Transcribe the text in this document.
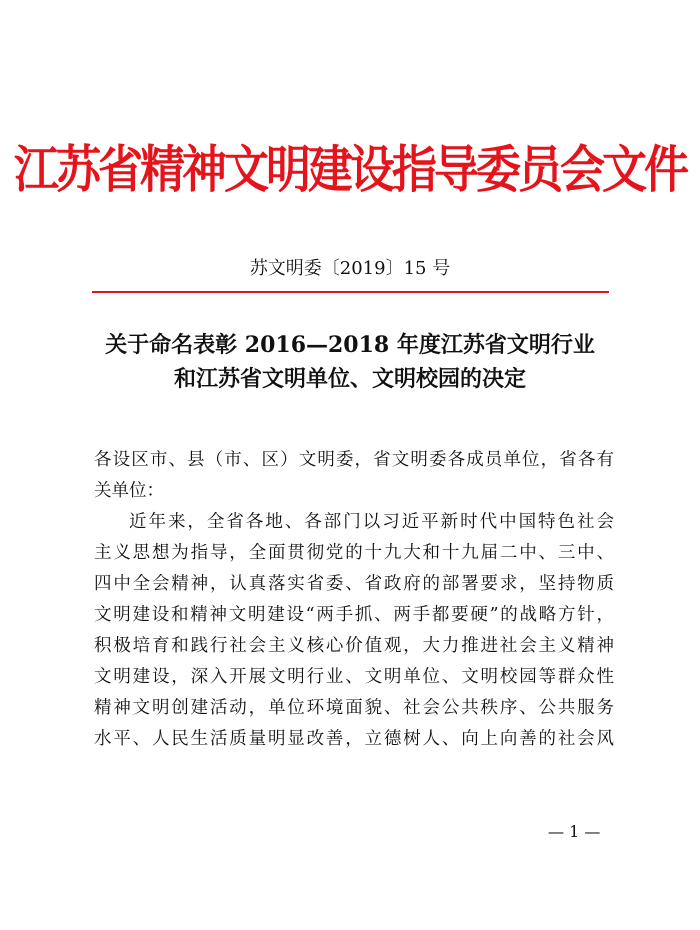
江苏省精神文明建设指导委员会文件
苏文明委〔2019〕15 号
关于命名表彰 2016—2018 年度江苏省文明行业
和江苏省文明单位、文明校园的决定

各设区市、县（市、区）文明委，省文明委各成员单位，省各有

关单位：

近年来，全省各地、各部门以习近平新时代中国特色社会

主义思想为指导，全面贯彻党的十九大和十九届二中、三中、

四中全会精神，认真落实省委、省政府的部署要求，坚持物质

文明建设和精神文明建设“两手抓、两手都要硬”的战略方针，

积极培育和践行社会主义核心价值观，大力推进社会主义精神

文明建设，深入开展文明行业、文明单位、文明校园等群众性

精神文明创建活动，单位环境面貌、社会公共秩序、公共服务

水平、人民生活质量明显改善，立德树人、向上向善的社会风

— 1 —
